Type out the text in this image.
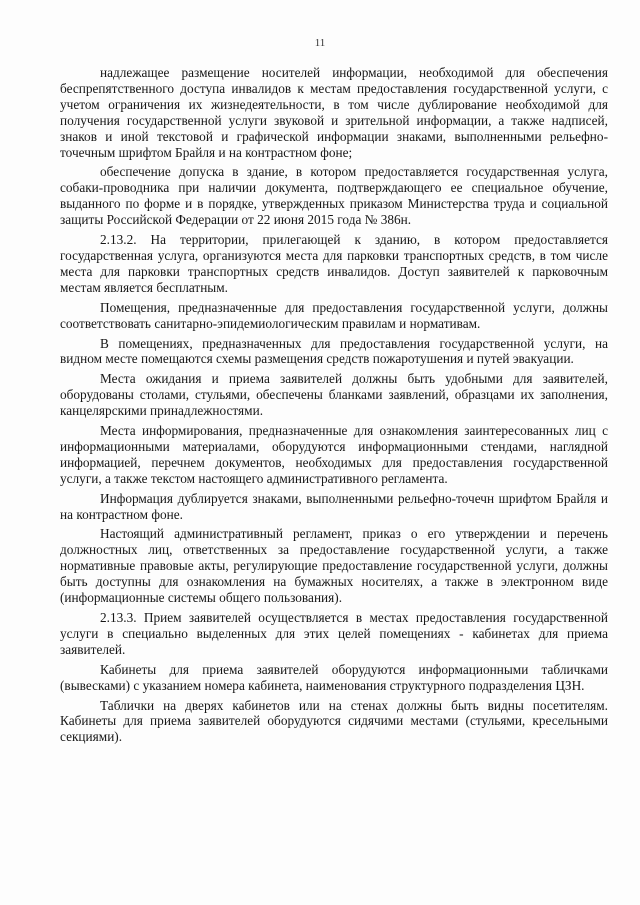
11

надлежащее размещение носителей информации, необходимой для обеспечения беспрепятственного доступа инвалидов к местам предоставления государственной услуги, с учетом ограничения их жизнедеятельности, в том числе дублирование необходимой для получения государственной услуги звуковой и зрительной информации, а также надписей, знаков и иной текстовой и графической информации знаками, выполненными рельефно-точечным шрифтом Брайля и на контрастном фоне;

обеспечение допуска в здание, в котором предоставляется государственная услуга, собаки-проводника при наличии документа, подтверждающего ее специальное обучение, выданного по форме и в порядке, утвержденных приказом Министерства труда и социальной защиты Российской Федерации от 22 июня 2015 года № 386н.

2.13.2. На территории, прилегающей к зданию, в котором предоставляется государственная услуга, организуются места для парковки транспортных средств, в том числе места для парковки транспортных средств инвалидов. Доступ заявителей к парковочным местам является бесплатным.

Помещения, предназначенные для предоставления государственной услуги, должны соответствовать санитарно-эпидемиологическим правилам и нормативам.

В помещениях, предназначенных для предоставления государственной услуги, на видном месте помещаются схемы размещения средств пожаротушения и путей эвакуации.

Места ожидания и приема заявителей должны быть удобными для заявителей, оборудованы столами, стульями, обеспечены бланками заявлений, образцами их заполнения, канцелярскими принадлежностями.

Места информирования, предназначенные для ознакомления заинтересованных лиц с информационными материалами, оборудуются информационными стендами, наглядной информацией, перечнем документов, необходимых для предоставления государственной услуги, а также текстом настоящего административного регламента.

Информация дублируется знаками, выполненными рельефно-точечн шрифтом Брайля и на контрастном фоне.

Настоящий административный регламент, приказ о его утверждении и перечень должностных лиц, ответственных за предоставление государственной услуги, а также нормативные правовые акты, регулирующие предоставление государственной услуги, должны быть доступны для ознакомления на бумажных носителях, а также в электронном виде (информационные системы общего пользования).

2.13.3. Прием заявителей осуществляется в местах предоставления государственной услуги в специально выделенных для этих целей помещениях - кабинетах для приема заявителей.

Кабинеты для приема заявителей оборудуются информационными табличками (вывесками) с указанием номера кабинета, наименования структурного подразделения ЦЗН.

Таблички на дверях кабинетов или на стенах должны быть видны посетителям. Кабинеты для приема заявителей оборудуются сидячими местами (стульями, кресельными секциями).
